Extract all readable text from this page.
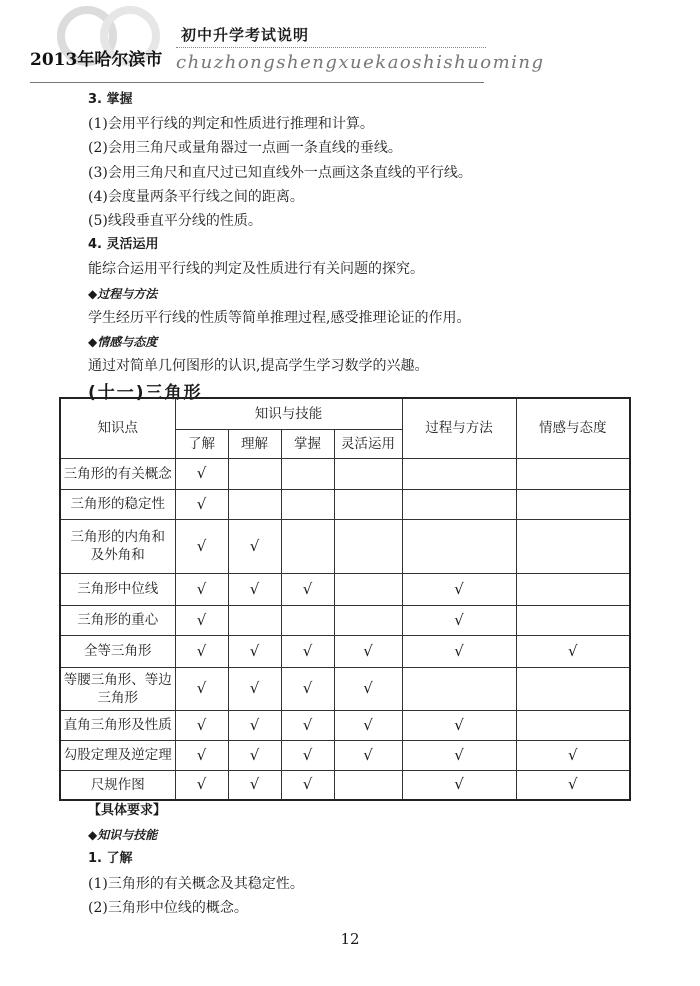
2013年哈尔滨市
初中升学考试说明
chuzhongshengxuekaoshishuoming
3. 掌握
(1)会用平行线的判定和性质进行推理和计算。
(2)会用三角尺或量角器过一点画一条直线的垂线。
(3)会用三角尺和直尺过已知直线外一点画这条直线的平行线。
(4)会度量两条平行线之间的距离。
(5)线段垂直平分线的性质。
4. 灵活运用
能综合运用平行线的判定及性质进行有关问题的探究。
◆过程与方法
学生经历平行线的性质等简单推理过程,感受推理论证的作用。
◆情感与态度
通过对简单几何图形的认识,提高学生学习数学的兴趣。
(十一)三角形
知识点	知识与技能				过程与方法	情感与态度
	了解	理解	掌握	灵活运用		
三角形的有关概念	√					
三角形的稳定性	√					
三角形的内角和
及外角和	√	√				
三角形中位线	√	√	√		√	
三角形的重心	√				√	
全等三角形	√	√	√	√	√	√
等腰三角形、等边
三角形	√	√	√	√		
直角三角形及性质	√	√	√	√	√	
勾股定理及逆定理	√	√	√	√	√	√
尺规作图	√	√	√		√	√
【具体要求】
◆知识与技能
1. 了解
(1)三角形的有关概念及其稳定性。
(2)三角形中位线的概念。
12
